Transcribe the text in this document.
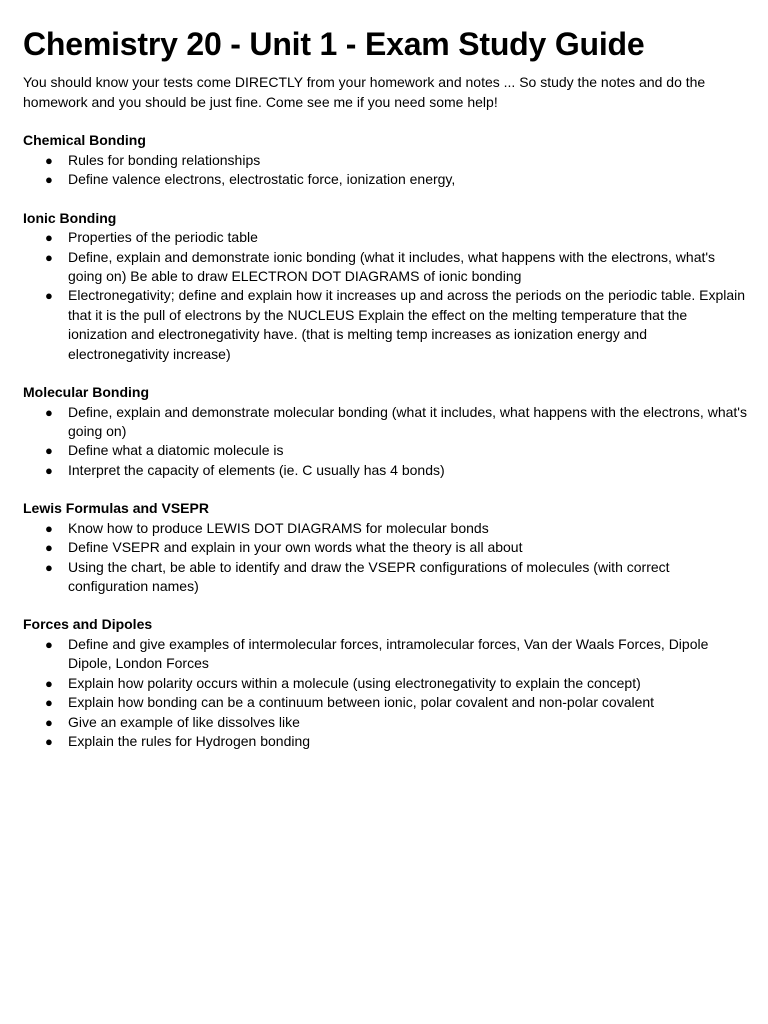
Chemistry 20 - Unit 1 - Exam Study Guide

You should know your tests come DIRECTLY from your homework and notes ... So study the notes and do the homework and you should be just fine. Come see me if you need some help!

Chemical Bonding
● Rules for bonding relationships
● Define valence electrons, electrostatic force, ionization energy,
Ionic Bonding
● Properties of the periodic table
● Define, explain and demonstrate ionic bonding (what it includes, what happens with the electrons, what's going on) Be able to draw ELECTRON DOT DIAGRAMS of ionic bonding
● Electronegativity; define and explain how it increases up and across the periods on the periodic table. Explain that it is the pull of electrons by the NUCLEUS Explain the effect on the melting temperature that the ionization and electronegativity have. (that is melting temp increases as ionization energy and electronegativity increase)
Molecular Bonding
● Define, explain and demonstrate molecular bonding (what it includes, what happens with the electrons, what's going on)
● Define what a diatomic molecule is
● Interpret the capacity of elements (ie. C usually has 4 bonds)
Lewis Formulas and VSEPR
● Know how to produce LEWIS DOT DIAGRAMS for molecular bonds
● Define VSEPR and explain in your own words what the theory is all about
● Using the chart, be able to identify and draw the VSEPR configurations of molecules (with correct configuration names)
Forces and Dipoles
● Define and give examples of intermolecular forces, intramolecular forces, Van der Waals Forces, Dipole Dipole, London Forces
● Explain how polarity occurs within a molecule (using electronegativity to explain the concept)
● Explain how bonding can be a continuum between ionic, polar covalent and non-polar covalent
● Give an example of like dissolves like
● Explain the rules for Hydrogen bonding
